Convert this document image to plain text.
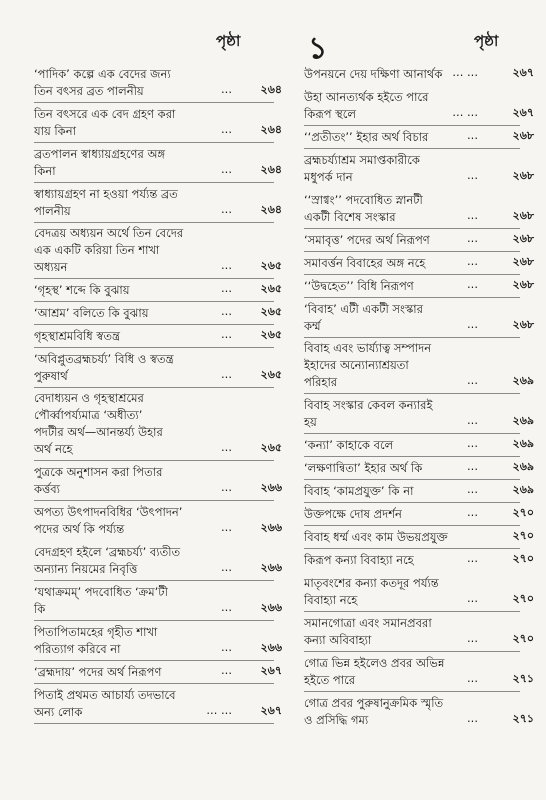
পৃষ্ঠা ১	পৃষ্ঠা
‘পাদিক’ কল্পে এক বেদের জন্য
তিন বৎসর ব্রত পালনীয়	...	২৬৪
তিন বৎসরে এক বেদ গ্রহণ করা
যায় কিনা	...	২৬৪
ব্রতপালন স্বাধ্যায়গ্রহণের অঙ্গ
কিনা	...	২৬৪
স্বাধ্যায়গ্রহণ না হওয়া পর্য্যন্ত ব্রত
পালনীয়	...	২৬৪
বেদত্রয় অধ্যয়ন অর্থে তিন বেদের
এক একটি করিয়া তিন শাখা
অধ্যয়ন	...	২৬৫
‘গৃহস্থ’ শব্দে কি বুঝায়	...	২৬৫
‘আশ্রম’ বলিতে কি বুঝায়	...	২৬৫
গৃহস্থাশ্রমবিধি স্বতন্ত্র	...	২৬৫
‘অবিপ্লুতব্রহ্মচর্য্য’ বিধি ও স্বতন্ত্র
পুরুষার্থ	...	২৬৫
বেদাধ্যয়ন ও গৃহস্থাশ্রমের
পৌর্ব্বাপর্য্যমাত্র ‘অধীত্য’
পদটীর অর্থ—আনন্তর্য্য উহার
অর্থ নহে	...	২৬৫
পুত্রকে অনুশাসন করা পিতার
কর্ত্তব্য	...	২৬৬
অপত্য উৎপাদনবিধির ‘উৎপাদন’
পদের অর্থ কি পর্য্যন্ত	...	২৬৬
বেদগ্রহণ হইলে ‘ব্রহ্মচর্য্য’ ব্যতীত
অন্যান্য নিয়মের নিবৃত্তি	...	২৬৬
‘যথাক্রমম্’ পদবোধিত ‘ক্রম’টী
কি	...	২৬৬
পিতাপিতামহের গৃহীত শাখা
পরিত্যাগ করিবে না	...	২৬৬
‘ব্রহ্মদায়’ পদের অর্থ নিরূপণ	...	২৬৭
পিতাই প্রথমত আচার্য্য তদভাবে
অন্য লোক	... ...	২৬৭
উপনয়নে দেয় দক্ষিণা আনার্থক ... ...	২৬৭
উহা আনত্যর্থক হইতে পারে
কিরূপ স্থলে	... ...	২৬৭
‘‘প্রতীতং’’ ইহার অর্থ বিচার	...	২৬৮
ব্রহ্মচর্য্যাশ্রম সমাপ্তকারীকে
মধুপর্ক দান	...	২৬৮
‘‘স্রাগ্বং’’ পদবোধিত স্নানটী
একটী বিশেষ সংস্কার	...	২৬৮
‘সমাবৃত্ত’ পদের অর্থ নিরূপণ	...	২৬৮
সমাবর্ত্তন বিবাহের অঙ্গ নহে	...	২৬৮
‘‘উদ্বহেত’’ বিধি নিরূপণ	...	২৬৮
‘বিবাহ’ এটী একটী সংস্কার
কর্ম্ম	...	২৬৮
বিবাহ এবং ভার্য্যাত্ব সম্পাদন
ইহাদের অন্যোন্যাশ্রয়তা
পরিহার	...	২৬৯
বিবাহ সংস্কার কেবল কন্যারই
হয়	...	২৬৯
‘কন্যা’ কাহাকে বলে	...	২৬৯
‘লক্ষণান্বিতা’ ইহার অর্থ কি	...	২৬৯
বিবাহ ‘কামপ্রযুক্ত’ কি না	...	২৬৯
উক্তপক্ষে দোষ প্রদর্শন	...	২৭০
বিবাহ ধর্ম্ম এবং কাম উভয়প্রযুক্ত	২৭০
কিরূপ কন্যা বিবাহ্যা নহে	...	২৭০
মাতৃবংশের কন্যা কতদূর পর্য্যন্ত
বিবাহ্যা নহে	...	২৭০
সমানগোত্রা এবং সমানপ্রবরা
কন্যা অবিবাহ্যা	...	২৭০
গোত্র ভিন্ন হইলেও প্রবর অভিন্ন
হইতে পারে	...	২৭১
গোত্র প্রবর পুরুষানুক্রমিক স্মৃতি
ও প্রসিদ্ধি গম্য	...	২৭১
